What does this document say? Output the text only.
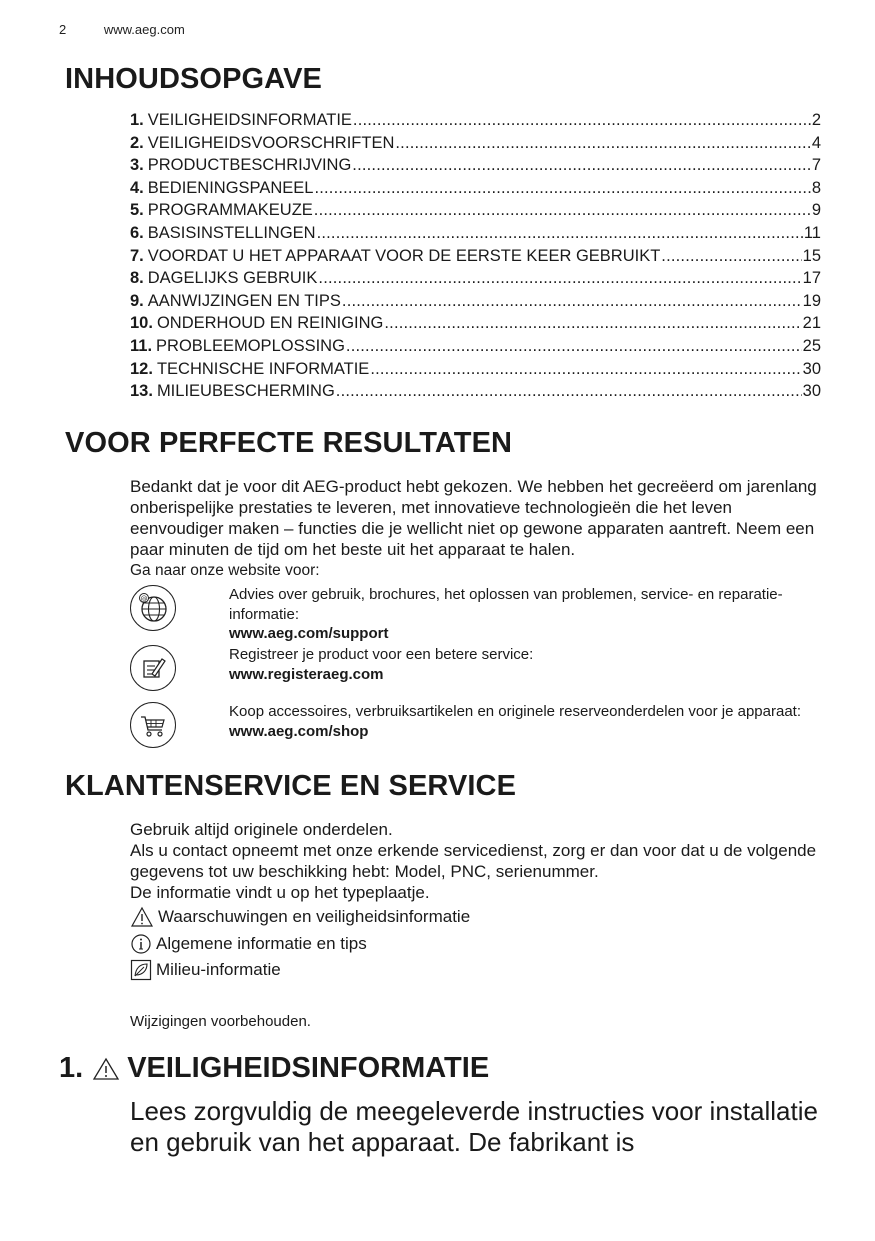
2	www.aeg.com
INHOUDSOPGAVE
1. VEILIGHEIDSINFORMATIE .....	2
2. VEILIGHEIDSVOORSCHRIFTEN .....	4
3. PRODUCTBESCHRIJVING .....	7
4. BEDIENINGSPANEEL .....	8
5. PROGRAMMAKEUZE .....	9
6. BASISINSTELLINGEN .....	11
7. VOORDAT U HET APPARAAT VOOR DE EERSTE KEER GEBRUIKT .....	15
8. DAGELIJKS GEBRUIK .....	17
9. AANWIJZINGEN EN TIPS .....	19
10. ONDERHOUD EN REINIGING .....	21
11. PROBLEEMOPLOSSING .....	25
12. TECHNISCHE INFORMATIE .....	30
13. MILIEUBESCHERMING .....	30
VOOR PERFECTE RESULTATEN

Bedankt dat je voor dit AEG-product hebt gekozen. We hebben het gecreëerd om jarenlang onberispelijke prestaties te leveren, met innovatieve technologieën die het leven eenvoudiger maken – functies die je wellicht niet op gewone apparaten aantreft. Neem een paar minuten de tijd om het beste uit het apparaat te halen.

Ga naar onze website voor:

@	Advies over gebruik, brochures, het oplossen van problemen, service- en reparatie-informatie:
www.aeg.com/support
Registreer je product voor een betere service:
www.registeraeg.com
Koop accessoires, verbruiksartikelen en originele reserveonderdelen voor je apparaat:
www.aeg.com/shop
KLANTENSERVICE EN SERVICE

Gebruik altijd originele onderdelen.

Als u contact opneemt met onze erkende servicedienst, zorg er dan voor dat u de volgende gegevens tot uw beschikking hebt: Model, PNC, serienummer.

De informatie vindt u op het typeplaatje.

Waarschuwingen en veiligheidsinformatie
Algemene informatie en tips
Milieu-informatie

Wijzigingen voorbehouden.

1. VEILIGHEIDSINFORMATIE

Lees zorgvuldig de meegeleverde instructies voor installatie en gebruik van het apparaat. De fabrikant is
